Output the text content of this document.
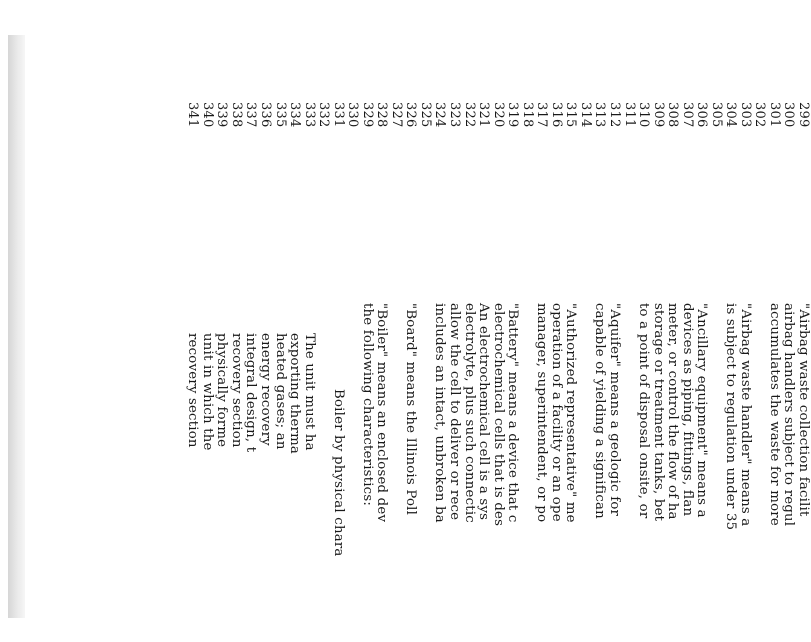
299
300
301
302
303
304
305
306
307
308
309
310
311
312
313
314
315
316
317
318
319
320
321
322
323
324
325
326
327
328
329
330
331
332
333
334
335
336
337
338
339
340
341
"Airbag waste collection facilit
airbag handlers subject to regul
accumulates the waste for more
"Airbag waste handler" means a
is subject to regulation under 35
"Ancillary equipment" means a
devices as piping, fittings, flan
meter, or control the flow of ha
storage or treatment tanks, bet
to a point of disposal onsite, or
"Aquifer" means a geologic for
capable of yielding a significan
"Authorized representative" me
operation of a facility or an ope
manager, superintendent, or po
"Battery" means a device that c
electrochemical cells that is des
An electrochemical cell is a sys
electrolyte, plus such connectic
allow the cell to deliver or rece
includes an intact, unbroken ba
"Board" means the Illinois Poll
"Boiler" means an enclosed dev
the following characteristics:
Boiler by physical chara
The unit must ha
exporting therma
heated gases; an
energy recovery
integral design, t
recovery section
physically forme
unit in which the
recovery section
